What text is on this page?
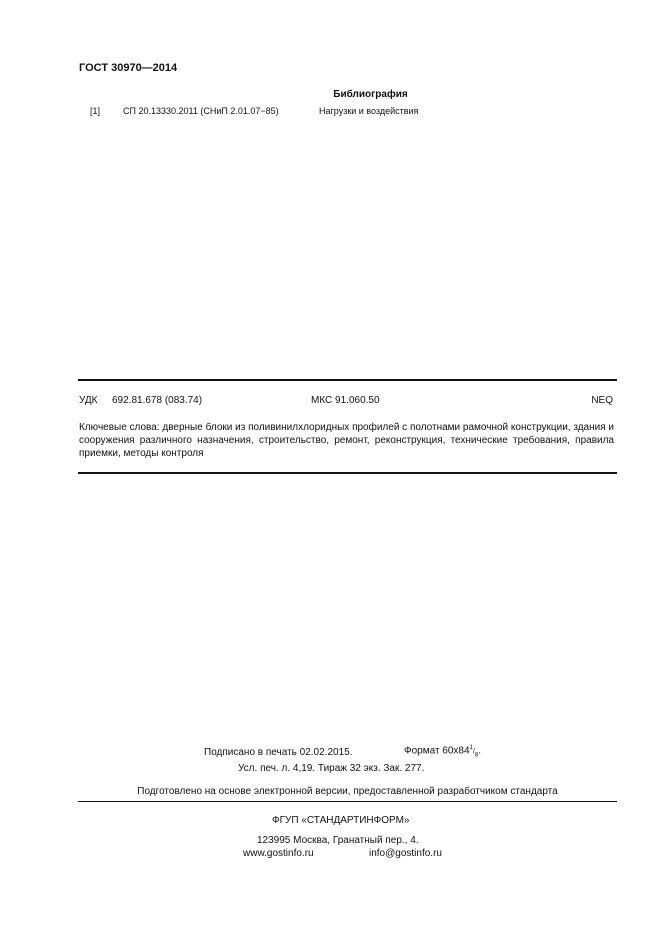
ГОСТ 30970—2014
Библиография
[1]	СП 20.13330.2011 (СНиП 2.01.07−85)	Нагрузки и воздействия
УДК 692.81.678 (083.74)	МКС 91.060.50	NEQ
Ключевые слова: дверные блоки из поливинилхлоридных профилей с полотнами рамочной конструкции, здания и сооружения различного назначения, строительство, ремонт, реконструкция, технические требования, правила приемки, методы контроля
Подписано в печать 02.02.2015.	Формат $60x84^1/_8$.
Усл. печ. л. 4,19. Тираж 32 экз. Зак. 277.
Подготовлено на основе электронной версии, предоставленной разработчиком стандарта
ФГУП «СТАНДАРТИНФОРМ»
123995 Москва, Гранатный пер., 4.
www.gostinfo.ru	info@gostinfo.ru
